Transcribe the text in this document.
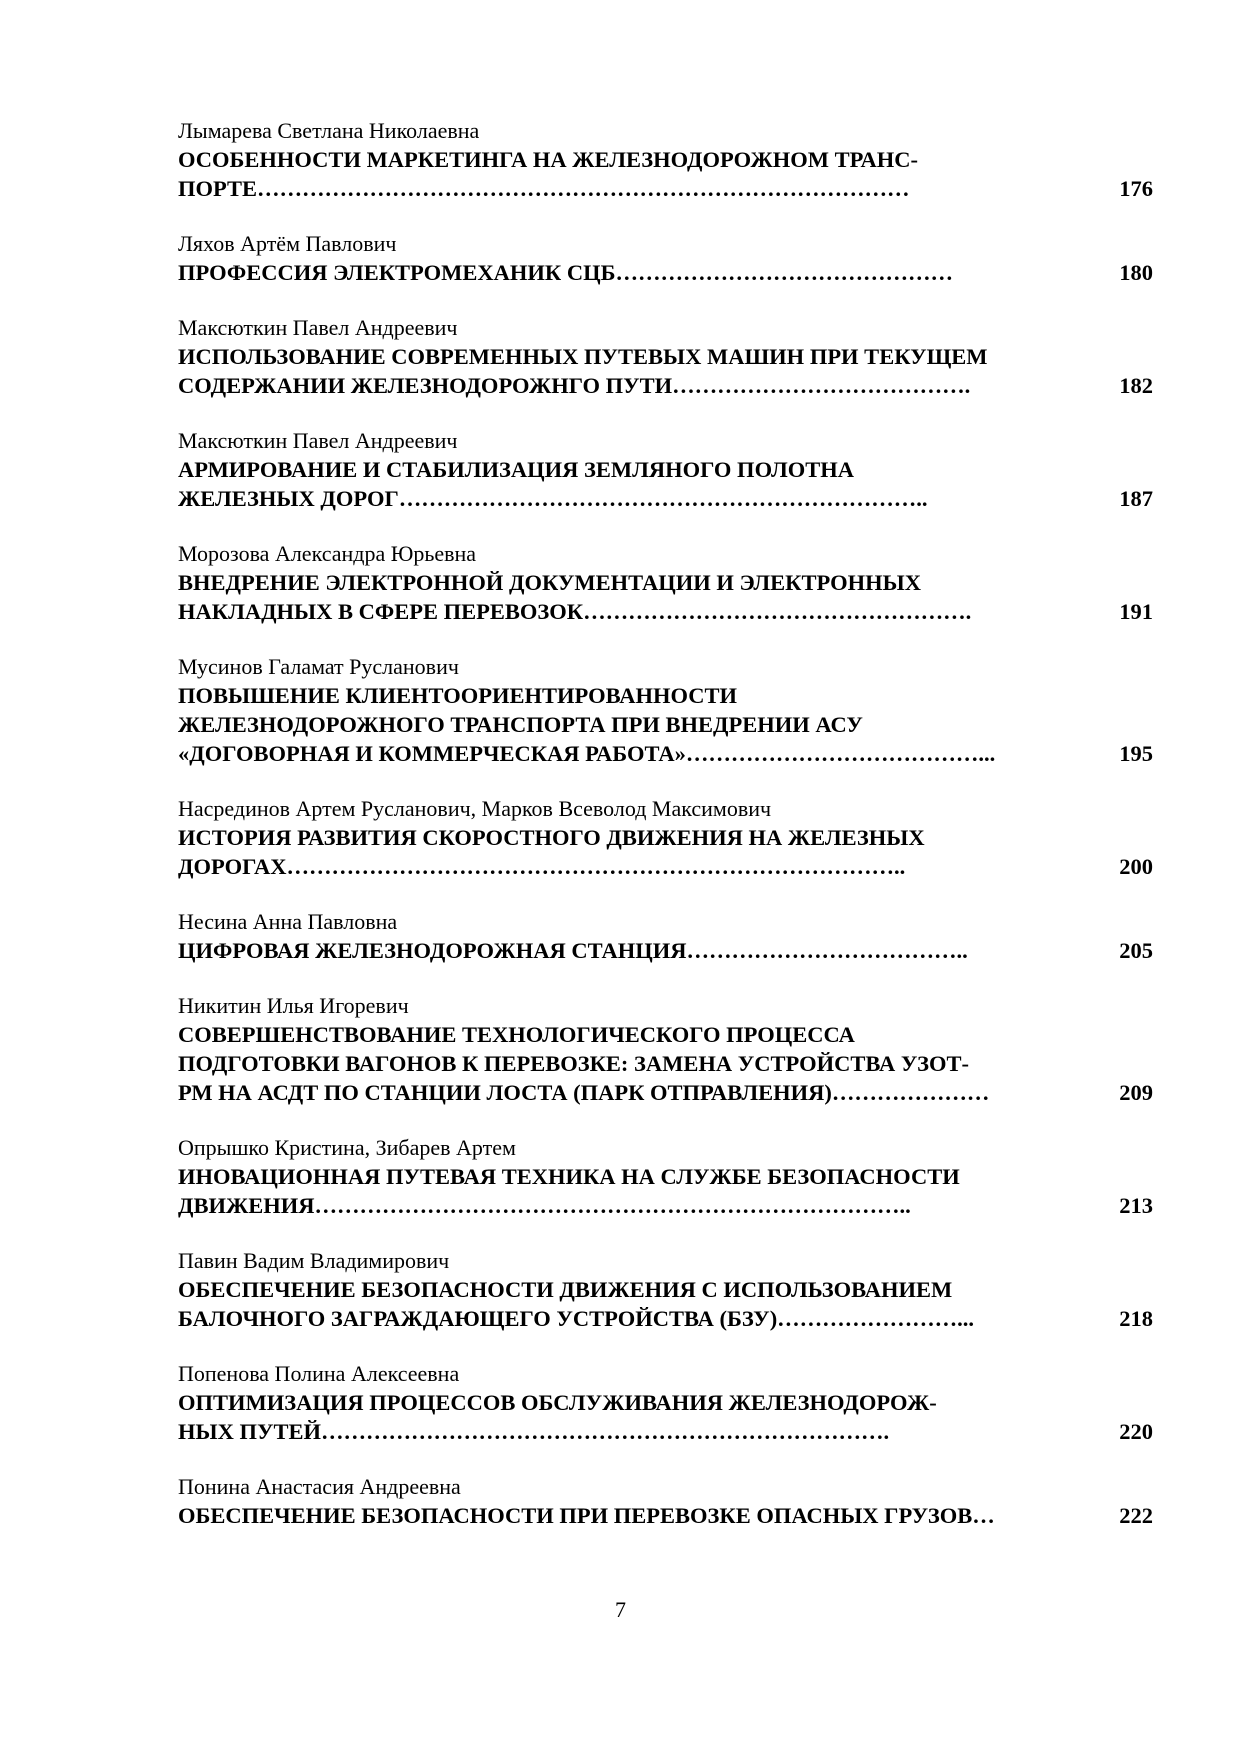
Лымарева Светлана Николаевна
ОСОБЕННОСТИ МАРКЕТИНГА НА ЖЕЛЕЗНОДОРОЖНОМ ТРАНС-
ПОРТЕ……………………………………………………………………………	176
Ляхов Артём Павлович
ПРОФЕССИЯ ЭЛЕКТРОМЕХАНИК СЦБ………………………………………	180
Максюткин Павел Андреевич
ИСПОЛЬЗОВАНИЕ СОВРЕМЕННЫХ ПУТЕВЫХ МАШИН ПРИ ТЕКУЩЕМ
СОДЕРЖАНИИ ЖЕЛЕЗНОДОРОЖНГО ПУТИ………………………………….	182
Максюткин Павел Андреевич
АРМИРОВАНИЕ И СТАБИЛИЗАЦИЯ ЗЕМЛЯНОГО ПОЛОТНА
ЖЕЛЕЗНЫХ ДОРОГ……………………………………………………………..	187
Морозова Александра Юрьевна
ВНЕДРЕНИЕ ЭЛЕКТРОННОЙ ДОКУМЕНТАЦИИ И ЭЛЕКТРОННЫХ
НАКЛАДНЫХ В СФЕРЕ ПЕРЕВОЗОК…………………………………………….	191
Мусинов Галамат Русланович
ПОВЫШЕНИЕ КЛИЕНТООРИЕНТИРОВАННОСТИ
ЖЕЛЕЗНОДОРОЖНОГО ТРАНСПОРТА ПРИ ВНЕДРЕНИИ АСУ
«ДОГОВОРНАЯ И КОММЕРЧЕСКАЯ РАБОТА»…………………………………...	195
Насрединов Артем Русланович, Марков Всеволод Максимович
ИСТОРИЯ РАЗВИТИЯ СКОРОСТНОГО ДВИЖЕНИЯ НА ЖЕЛЕЗНЫХ
ДОРОГАХ………………………………………………………………………..	200
Несина Анна Павловна
ЦИФРОВАЯ ЖЕЛЕЗНОДОРОЖНАЯ СТАНЦИЯ………………………………..	205
Никитин Илья Игоревич
СОВЕРШЕНСТВОВАНИЕ ТЕХНОЛОГИЧЕСКОГО ПРОЦЕССА
ПОДГОТОВКИ ВАГОНОВ К ПЕРЕВОЗКЕ: ЗАМЕНА УСТРОЙСТВА УЗОТ-
РМ НА АСДТ ПО СТАНЦИИ ЛОСТА (ПАРК ОТПРАВЛЕНИЯ)…………………	209
Опрышко Кристина, Зибарев Артем
ИНОВАЦИОННАЯ ПУТЕВАЯ ТЕХНИКА НА СЛУЖБЕ БЕЗОПАСНОСТИ
ДВИЖЕНИЯ……………………………………………………………………..	213
Павин Вадим Владимирович
ОБЕСПЕЧЕНИЕ БЕЗОПАСНОСТИ ДВИЖЕНИЯ С ИСПОЛЬЗОВАНИЕМ
БАЛОЧНОГО ЗАГРАЖДАЮЩЕГО УСТРОЙСТВА (БЗУ)……………………...	218
Попенова Полина Алексеевна
ОПТИМИЗАЦИЯ ПРОЦЕССОВ ОБСЛУЖИВАНИЯ ЖЕЛЕЗНОДОРОЖ-
НЫХ ПУТЕЙ………………………………………………………………….	220
Понина Анастасия Андреевна
ОБЕСПЕЧЕНИЕ БЕЗОПАСНОСТИ ПРИ ПЕРЕВОЗКЕ ОПАСНЫХ ГРУЗОВ…	222
7
